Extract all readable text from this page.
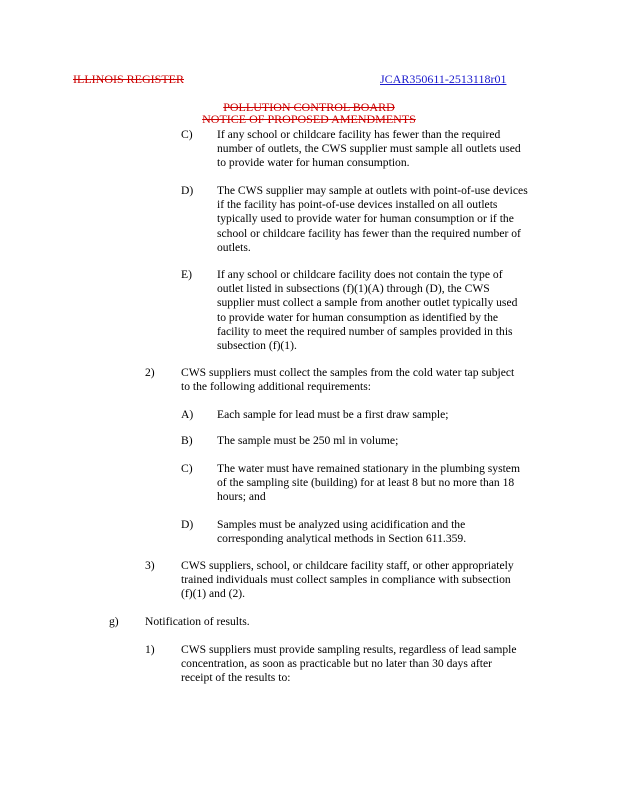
ILLINOIS REGISTER	JCAR350611-2513118r01
POLLUTION CONTROL BOARD
NOTICE OF PROPOSED AMENDMENTS
C) If any school or childcare facility has fewer than the required
number of outlets, the CWS supplier must sample all outlets used
to provide water for human consumption.
D) The CWS supplier may sample at outlets with point-of-use devices
if the facility has point-of-use devices installed on all outlets
typically used to provide water for human consumption or if the
school or childcare facility has fewer than the required number of
outlets.
E) If any school or childcare facility does not contain the type of
outlet listed in subsections (f)(1)(A) through (D), the CWS
supplier must collect a sample from another outlet typically used
to provide water for human consumption as identified by the
facility to meet the required number of samples provided in this
subsection (f)(1).
2) CWS suppliers must collect the samples from the cold water tap subject
to the following additional requirements:
A) Each sample for lead must be a first draw sample;
B) The sample must be 250 ml in volume;
C) The water must have remained stationary in the plumbing system
of the sampling site (building) for at least 8 but no more than 18
hours; and
D) Samples must be analyzed using acidification and the
corresponding analytical methods in Section 611.359.
3) CWS suppliers, school, or childcare facility staff, or other appropriately
trained individuals must collect samples in compliance with subsection
(f)(1) and (2).
g) Notification of results.
1) CWS suppliers must provide sampling results, regardless of lead sample
concentration, as soon as practicable but no later than 30 days after
receipt of the results to:
